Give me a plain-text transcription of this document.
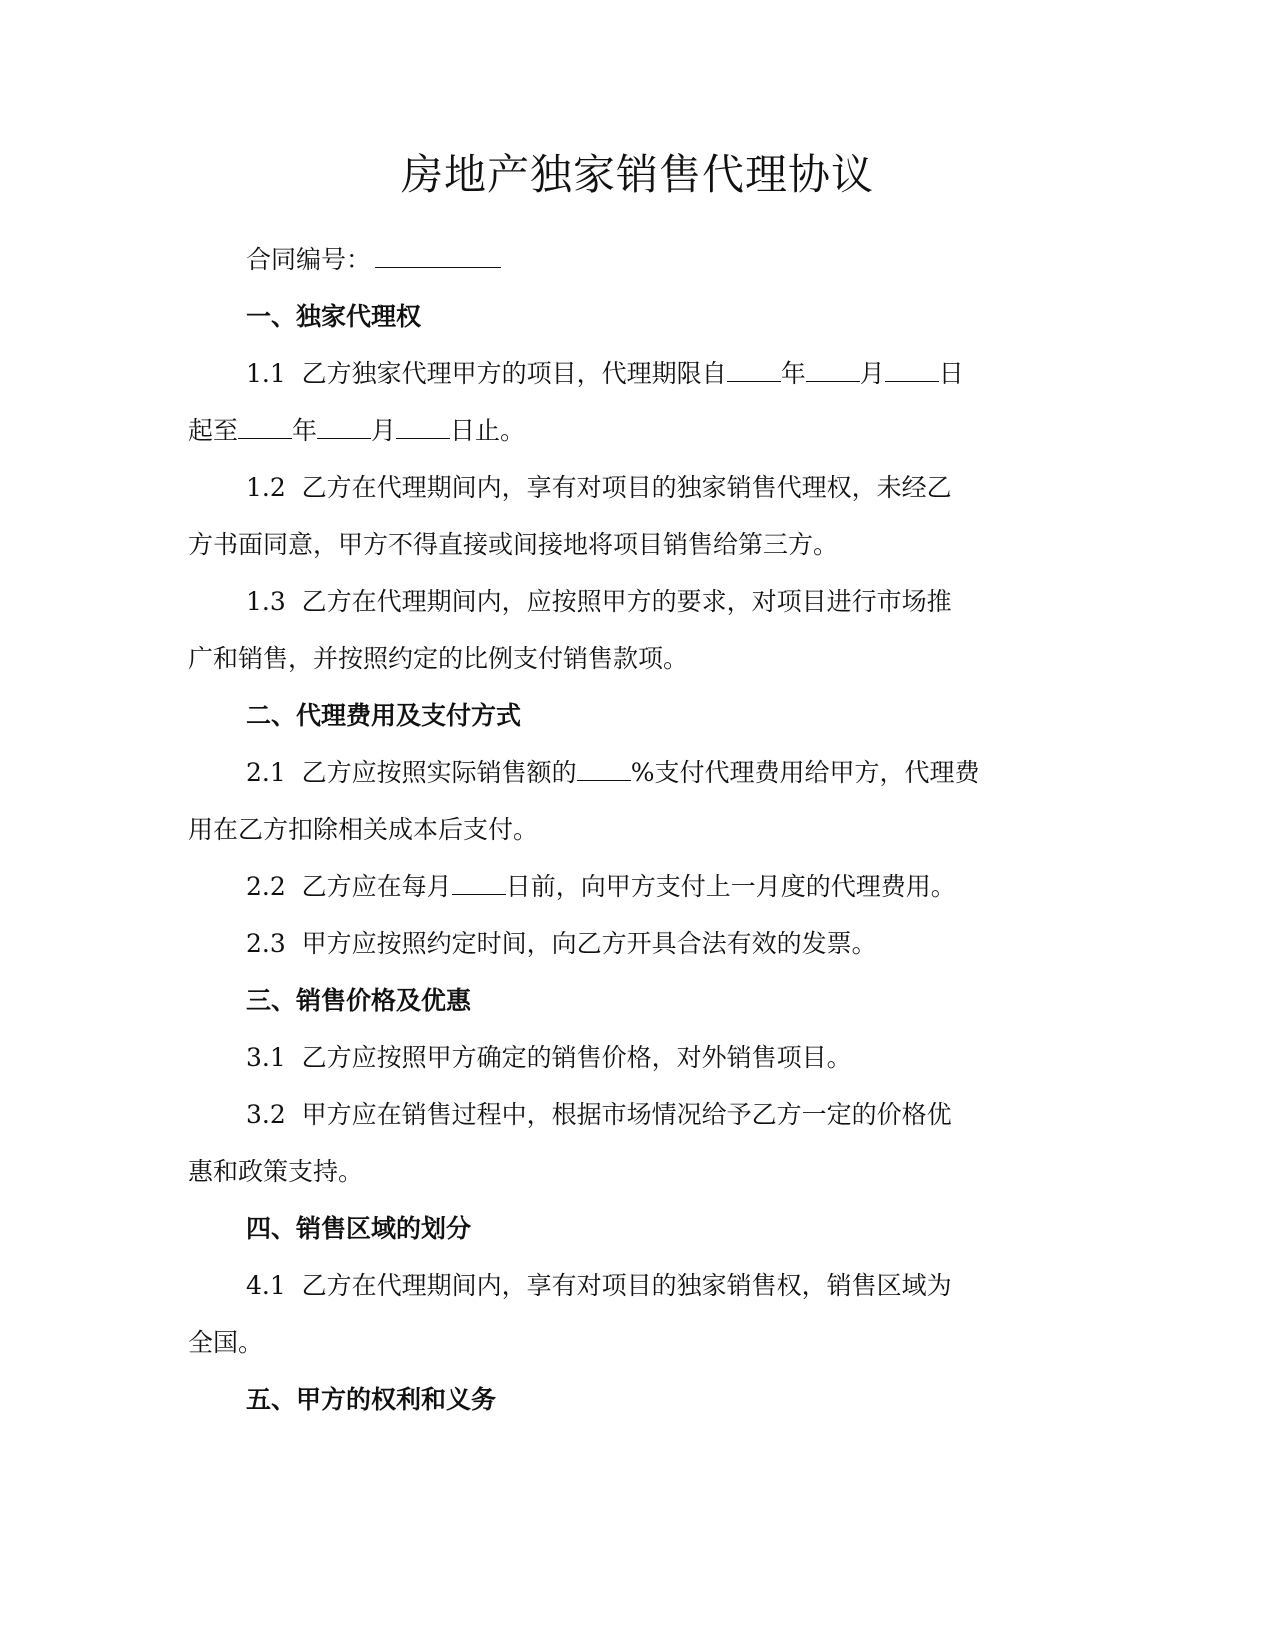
房地产独家销售代理协议

合同编号：

一、独家代理权

1.1 乙方独家代理甲方的项目，代理期限自 年 月 日

起至 年 月 日止。

1.2 乙方在代理期间内，享有对项目的独家销售代理权，未经乙

方书面同意，甲方不得直接或间接地将项目销售给第三方。

1.3 乙方在代理期间内，应按照甲方的要求，对项目进行市场推

广和销售，并按照约定的比例支付销售款项。

二、代理费用及支付方式

2.1 乙方应按照实际销售额的 %支付代理费用给甲方，代理费

用在乙方扣除相关成本后支付。

2.2 乙方应在每月 日前，向甲方支付上一月度的代理费用。

2.3 甲方应按照约定时间，向乙方开具合法有效的发票。

三、销售价格及优惠

3.1 乙方应按照甲方确定的销售价格，对外销售项目。

3.2 甲方应在销售过程中，根据市场情况给予乙方一定的价格优

惠和政策支持。

四、销售区域的划分

4.1 乙方在代理期间内，享有对项目的独家销售权，销售区域为

全国。

五、甲方的权利和义务
